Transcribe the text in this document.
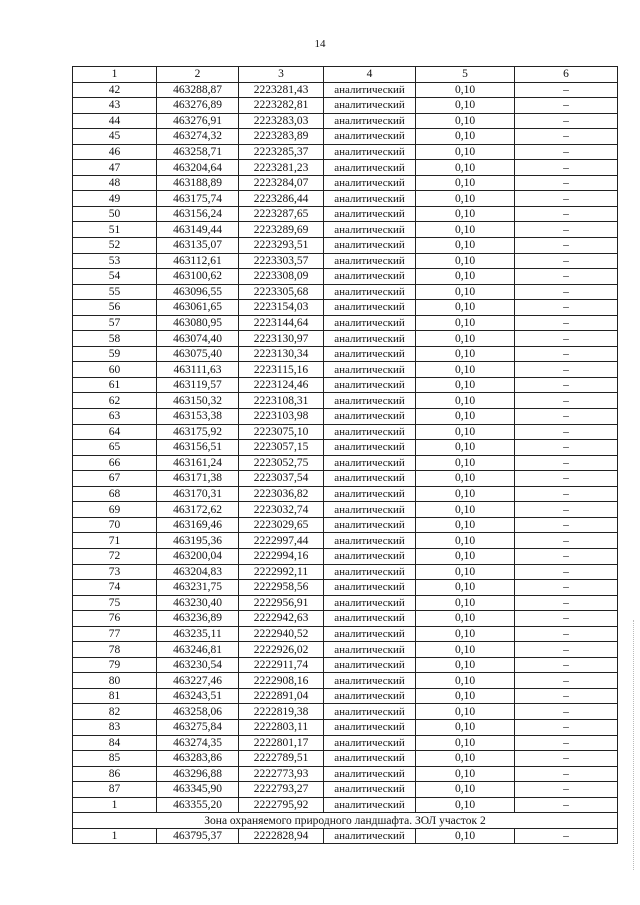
14
1	2	3	4	5	6
42	463288,87	2223281,43	аналитический	0,10	–
43	463276,89	2223282,81	аналитический	0,10	–
44	463276,91	2223283,03	аналитический	0,10	–
45	463274,32	2223283,89	аналитический	0,10	–
46	463258,71	2223285,37	аналитический	0,10	–
47	463204,64	2223281,23	аналитический	0,10	–
48	463188,89	2223284,07	аналитический	0,10	–
49	463175,74	2223286,44	аналитический	0,10	–
50	463156,24	2223287,65	аналитический	0,10	–
51	463149,44	2223289,69	аналитический	0,10	–
52	463135,07	2223293,51	аналитический	0,10	–
53	463112,61	2223303,57	аналитический	0,10	–
54	463100,62	2223308,09	аналитический	0,10	–
55	463096,55	2223305,68	аналитический	0,10	–
56	463061,65	2223154,03	аналитический	0,10	–
57	463080,95	2223144,64	аналитический	0,10	–
58	463074,40	2223130,97	аналитический	0,10	–
59	463075,40	2223130,34	аналитический	0,10	–
60	463111,63	2223115,16	аналитический	0,10	–
61	463119,57	2223124,46	аналитический	0,10	–
62	463150,32	2223108,31	аналитический	0,10	–
63	463153,38	2223103,98	аналитический	0,10	–
64	463175,92	2223075,10	аналитический	0,10	–
65	463156,51	2223057,15	аналитический	0,10	–
66	463161,24	2223052,75	аналитический	0,10	–
67	463171,38	2223037,54	аналитический	0,10	–
68	463170,31	2223036,82	аналитический	0,10	–
69	463172,62	2223032,74	аналитический	0,10	–
70	463169,46	2223029,65	аналитический	0,10	–
71	463195,36	2222997,44	аналитический	0,10	–
72	463200,04	2222994,16	аналитический	0,10	–
73	463204,83	2222992,11	аналитический	0,10	–
74	463231,75	2222958,56	аналитический	0,10	–
75	463230,40	2222956,91	аналитический	0,10	–
76	463236,89	2222942,63	аналитический	0,10	–
77	463235,11	2222940,52	аналитический	0,10	–
78	463246,81	2222926,02	аналитический	0,10	–
79	463230,54	2222911,74	аналитический	0,10	–
80	463227,46	2222908,16	аналитический	0,10	–
81	463243,51	2222891,04	аналитический	0,10	–
82	463258,06	2222819,38	аналитический	0,10	–
83	463275,84	2222803,11	аналитический	0,10	–
84	463274,35	2222801,17	аналитический	0,10	–
85	463283,86	2222789,51	аналитический	0,10	–
86	463296,88	2222773,93	аналитический	0,10	–
87	463345,90	2222793,27	аналитический	0,10	–
1	463355,20	2222795,92	аналитический	0,10	–
Зона охраняемого природного ландшафта. ЗОЛ участок 2					
1	463795,37	2222828,94	аналитический	0,10	–
